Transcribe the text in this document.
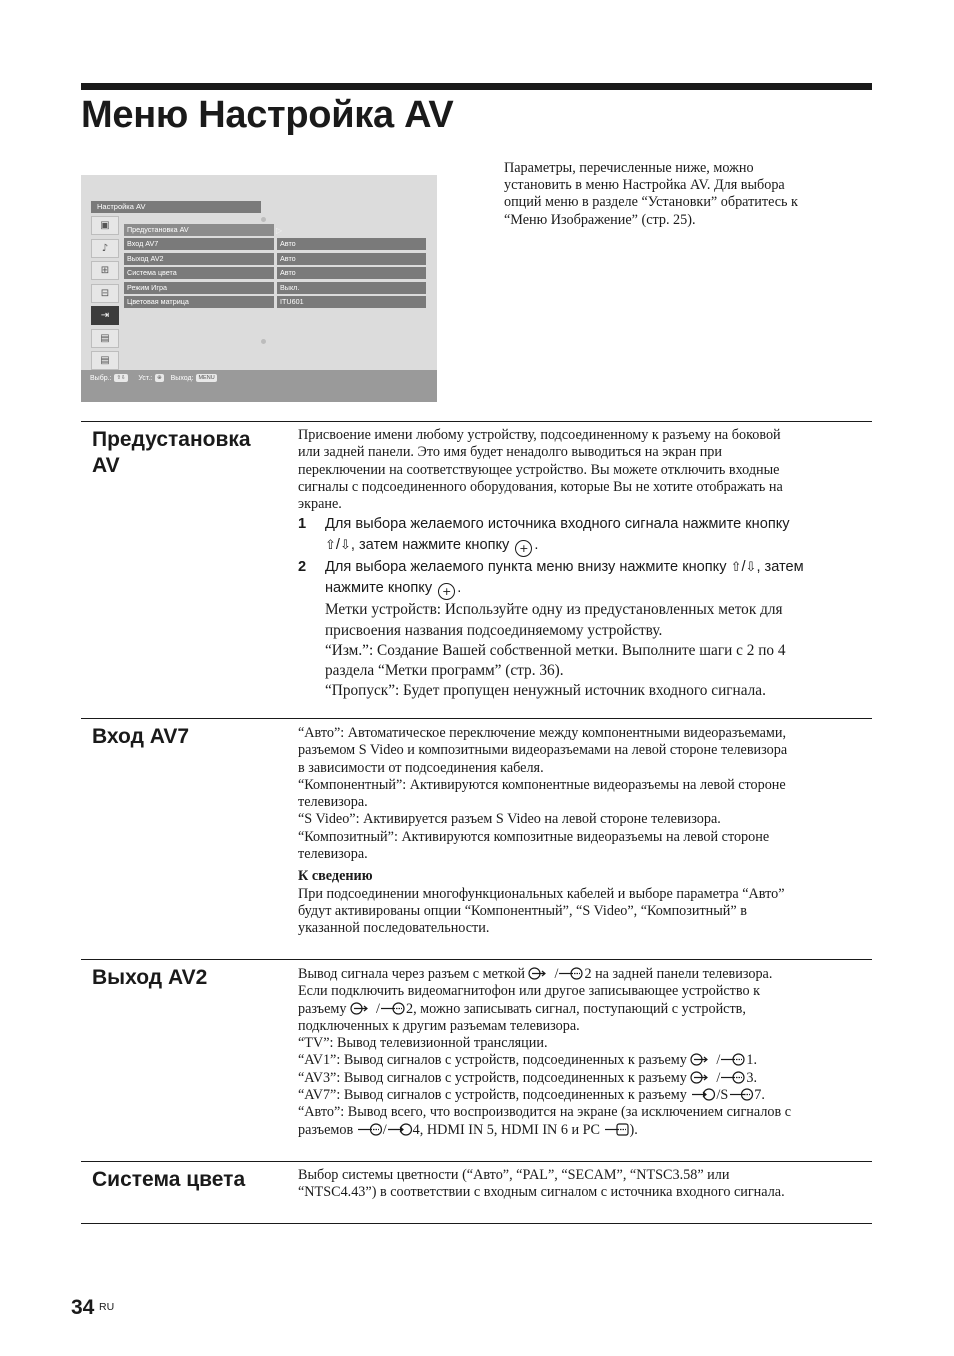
Меню Настройка AV
Настройка AV
▣
♪
⊞
⊟
⇥
▤
▤
Предустановка AV	▷
Вход AV7	Авто
Выход AV2	Авто
Система цвета	Авто
Режим Игра	Выкл.
Цветовая матрица	ITU601
Выбр.: ⇧⇩ Уст.: ⊕ Выход: MENU

Параметры, перечисленные ниже, можно

установить в меню Настройка AV. Для выбора

опций меню в разделе “Установки” обратитесь к

“Меню Изображение” (стр. 25).

Предустановка AV

Присвоение имени любому устройству, подсоединенному к разъему на боковой

или задней панели. Это имя будет ненадолго выводиться на экран при

переключении на соответствующее устройство. Вы можете отключить входные

сигналы с подсоединенного оборудования, которые Вы не хотите отображать на

экране.

1 Для выбора желаемого источника входного сигнала нажмите кнопку
⇧/⇩, затем нажмите кнопку + .
2 Для выбора желаемого пункта меню внизу нажмите кнопку ⇧/⇩, затем
нажмите кнопку + .

Метки устройств: Используйте одну из предустановленных меток для

присвоения названия подсоединяемому устройству.

“Изм.”: Создание Вашей собственной метки. Выполните шаги с 2 по 4

раздела “Метки программ” (стр. 36).

“Пропуск”: Будет пропущен ненужный источник входного сигнала.

Вход AV7	“Авто”: Автоматическое переключение между компонентными видеоразъемами,

разъемом S Video и композитными видеоразъемами на левой стороне телевизора

в зависимости от подсоединения кабеля.

“Компонентный”: Активируются компонентные видеоразъемы на левой стороне

телевизора.

“S Video”: Активируется разъем S Video на левой стороне телевизора.

“Композитный”: Активируются композитные видеоразъемы на левой стороне

телевизора.

К сведению

При подсоединении многофункциональных кабелей и выборе параметра “Авто”

будут активированы опции “Компонентный”, “S Video”, “Композитный” в

указанной последовательности.

Выход AV2	Вывод сигнала через разъем с меткой / 2 на задней панели телевизора.

Если подключить видеомагнитофон или другое записывающее устройство к

разъему / 2, можно записывать сигнал, поступающий с устройств,

подключенных к другим разъемам телевизора.

“TV”: Вывод телевизионной трансляции.

“AV1”: Вывод сигналов с устройств, подсоединенных к разъему / 1.

“AV3”: Вывод сигналов с устройств, подсоединенных к разъему / 3.

“AV7”: Вывод сигналов с устройств, подсоединенных к разъему /S 7.

“Авто”: Вывод всего, что воспроизводится на экране (за исключением сигналов с

разъемов / 4, HDMI IN 5, HDMI IN 6 и PC ).

Система цвета	Выбор системы цветности (“Авто”, “PAL”, “SECAM”, “NTSC3.58” или

“NTSC4.43”) в соответствии с входным сигналом с источника входного сигнала.

34 RU
